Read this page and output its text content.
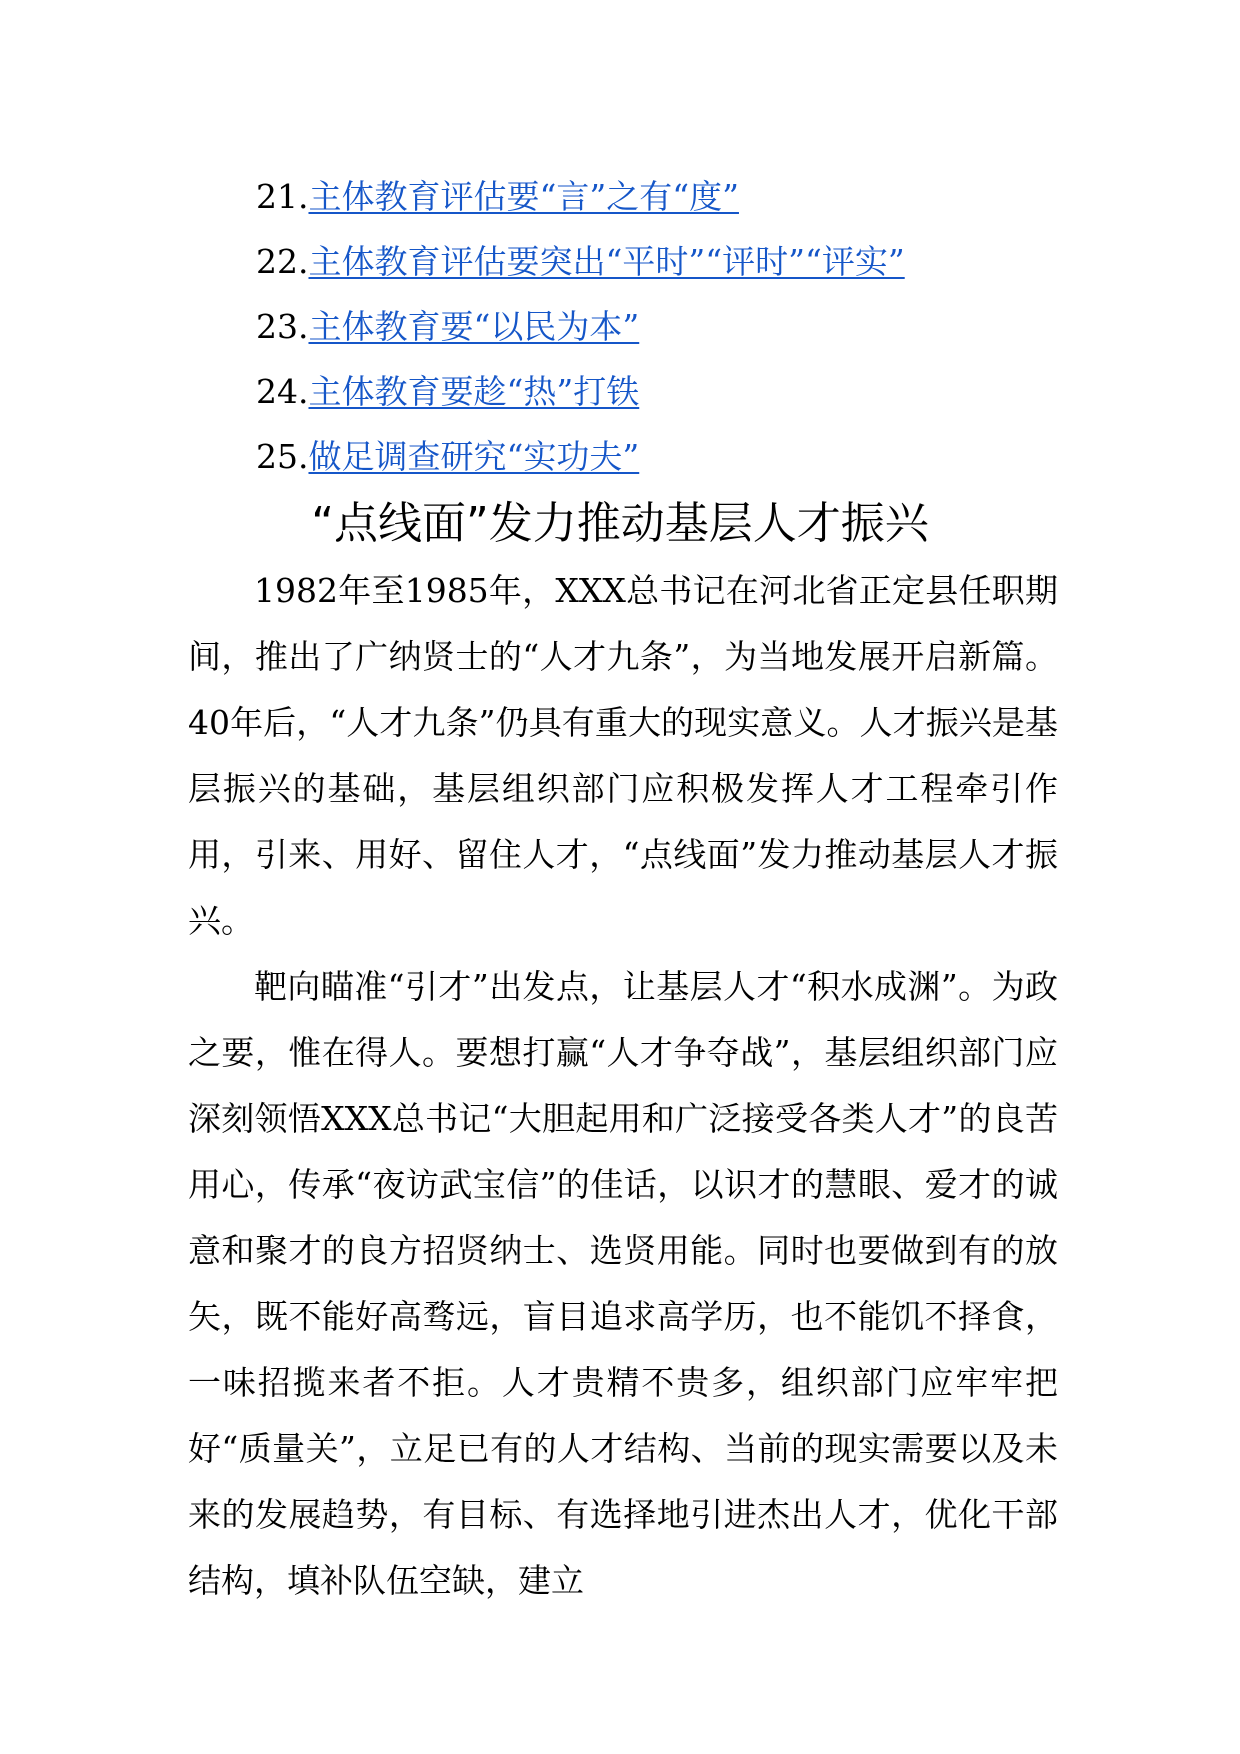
21.主体教育评估要“言”之有“度”
22.主体教育评估要突出“平时”“评时”“评实”
23.主体教育要“以民为本”
24.主体教育要趁“热”打铁
25.做足调查研究“实功夫”
“点线面”发力推动基层人才振兴

1982年至1985年，XXX总书记在河北省正定县任职期间，推出了广纳贤士的“人才九条”，为当地发展开启新篇。40年后，“人才九条”仍具有重大的现实意义。人才振兴是基层振兴的基础，基层组织部门应积极发挥人才工程牵引作用，引来、用好、留住人才，“点线面”发力推动基层人才振兴。

靶向瞄准“引才”出发点，让基层人才“积水成渊”。为政之要，惟在得人。要想打赢“人才争夺战”，基层组织部门应深刻领悟XXX总书记“大胆起用和广泛接受各类人才”的良苦用心，传承“夜访武宝信”的佳话，以识才的慧眼、爱才的诚意和聚才的良方招贤纳士、选贤用能。同时也要做到有的放矢，既不能好高骛远，盲目追求高学历，也不能饥不择食，一味招揽来者不拒。人才贵精不贵多，组织部门应牢牢把好“质量关”，立足已有的人才结构、当前的现实需要以及未来的发展趋势，有目标、有选择地引进杰出人才，优化干部结构，填补队伍空缺，建立
